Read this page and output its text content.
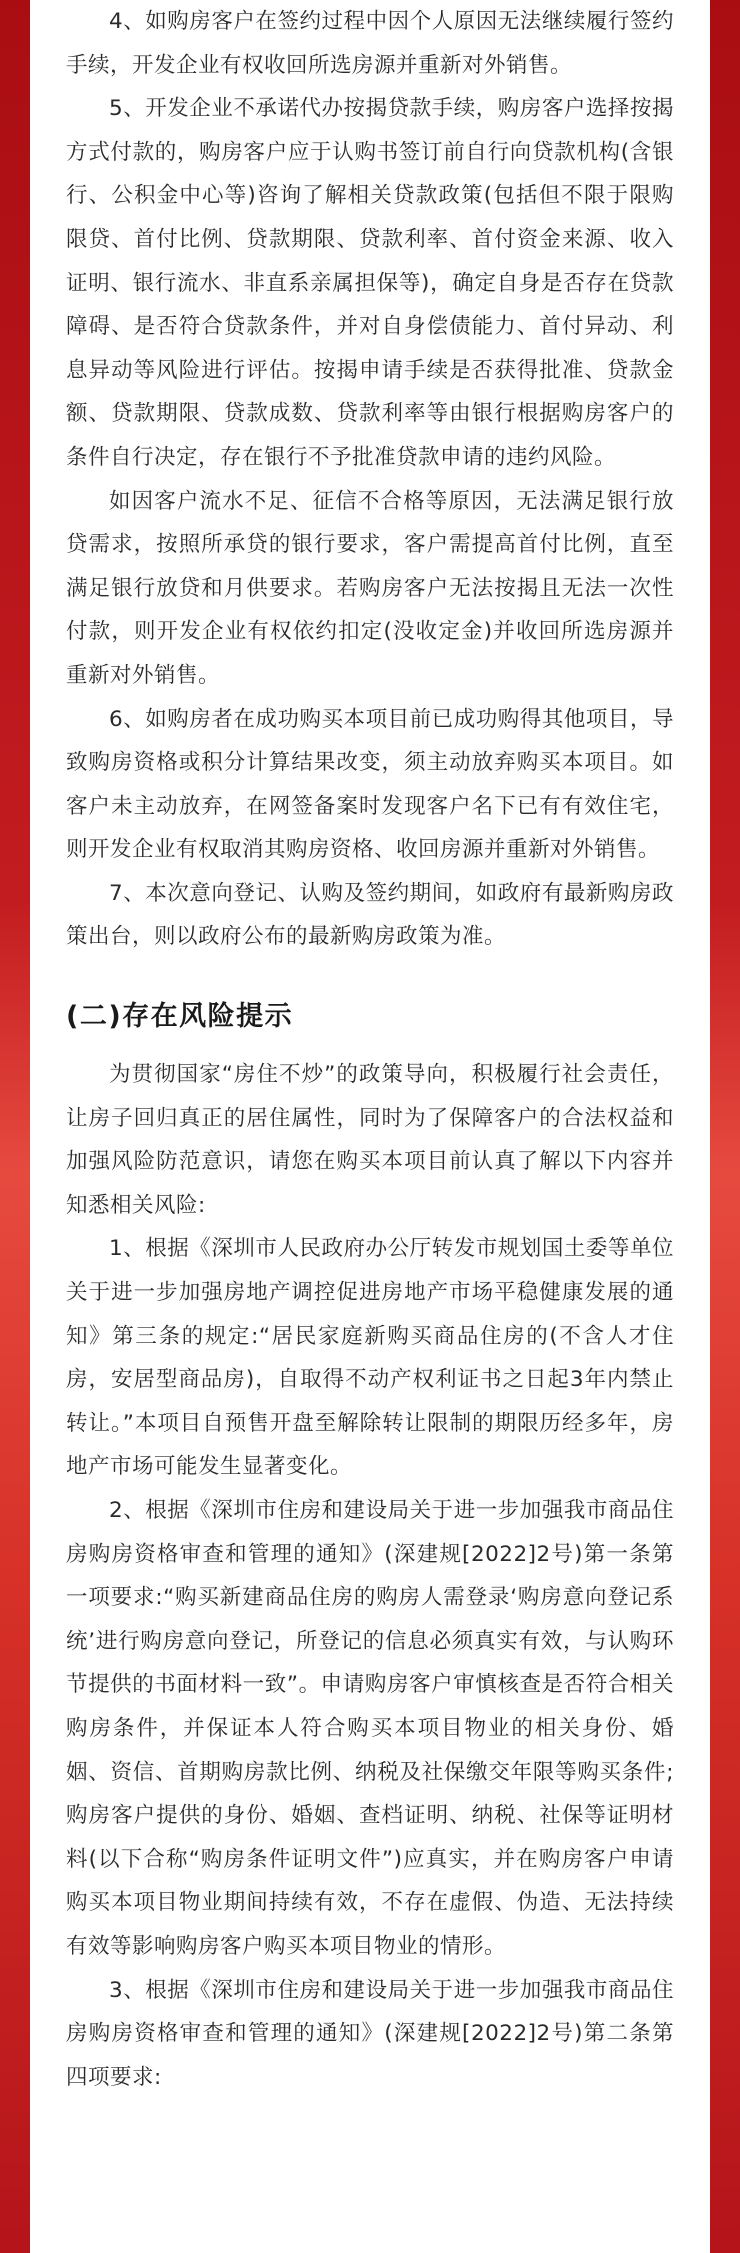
4、如购房客户在签约过程中因个人原因无法继续履行签约手续，开发企业有权收回所选房源并重新对外销售。

5、开发企业不承诺代办按揭贷款手续，购房客户选择按揭方式付款的，购房客户应于认购书签订前自行向贷款机构(含银行、公积金中心等)咨询了解相关贷款政策(包括但不限于限购限贷、首付比例、贷款期限、贷款利率、首付资金来源、收入证明、银行流水、非直系亲属担保等)，确定自身是否存在贷款障碍、是否符合贷款条件，并对自身偿债能力、首付异动、利息异动等风险进行评估。按揭申请手续是否获得批准、贷款金额、贷款期限、贷款成数、贷款利率等由银行根据购房客户的条件自行决定，存在银行不予批准贷款申请的违约风险。

如因客户流水不足、征信不合格等原因，无法满足银行放贷需求，按照所承贷的银行要求，客户需提高首付比例，直至满足银行放贷和月供要求。若购房客户无法按揭且无法一次性付款，则开发企业有权依约扣定(没收定金)并收回所选房源并重新对外销售。

6、如购房者在成功购买本项目前已成功购得其他项目，导致购房资格或积分计算结果改变，须主动放弃购买本项目。如客户未主动放弃，在网签备案时发现客户名下已有有效住宅，则开发企业有权取消其购房资格、收回房源并重新对外销售。

7、本次意向登记、认购及签约期间，如政府有最新购房政策出台，则以政府公布的最新购房政策为准。

(二)存在风险提示

为贯彻国家“房住不炒”的政策导向，积极履行社会责任，让房子回归真正的居住属性，同时为了保障客户的合法权益和加强风险防范意识，请您在购买本项目前认真了解以下内容并知悉相关风险:

1、根据《深圳市人民政府办公厅转发市规划国土委等单位关于进一步加强房地产调控促进房地产市场平稳健康发展的通知》第三条的规定:“居民家庭新购买商品住房的(不含人才住房，安居型商品房)，自取得不动产权利证书之日起3年内禁止转让。”本项目自预售开盘至解除转让限制的期限历经多年，房地产市场可能发生显著变化。

2、根据《深圳市住房和建设局关于进一步加强我市商品住房购房资格审查和管理的通知》(深建规[2022]2号)第一条第一项要求:“购买新建商品住房的购房人需登录‘购房意向登记系统’进行购房意向登记，所登记的信息必须真实有效，与认购环节提供的书面材料一致”。申请购房客户审慎核查是否符合相关购房条件，并保证本人符合购买本项目物业的相关身份、婚姻、资信、首期购房款比例、纳税及社保缴交年限等购买条件;购房客户提供的身份、婚姻、查档证明、纳税、社保等证明材料(以下合称“购房条件证明文件”)应真实，并在购房客户申请购买本项目物业期间持续有效，不存在虚假、伪造、无法持续有效等影响购房客户购买本项目物业的情形。

3、根据《深圳市住房和建设局关于进一步加强我市商品住房购房资格审查和管理的通知》(深建规[2022]2号)第二条第四项要求:
